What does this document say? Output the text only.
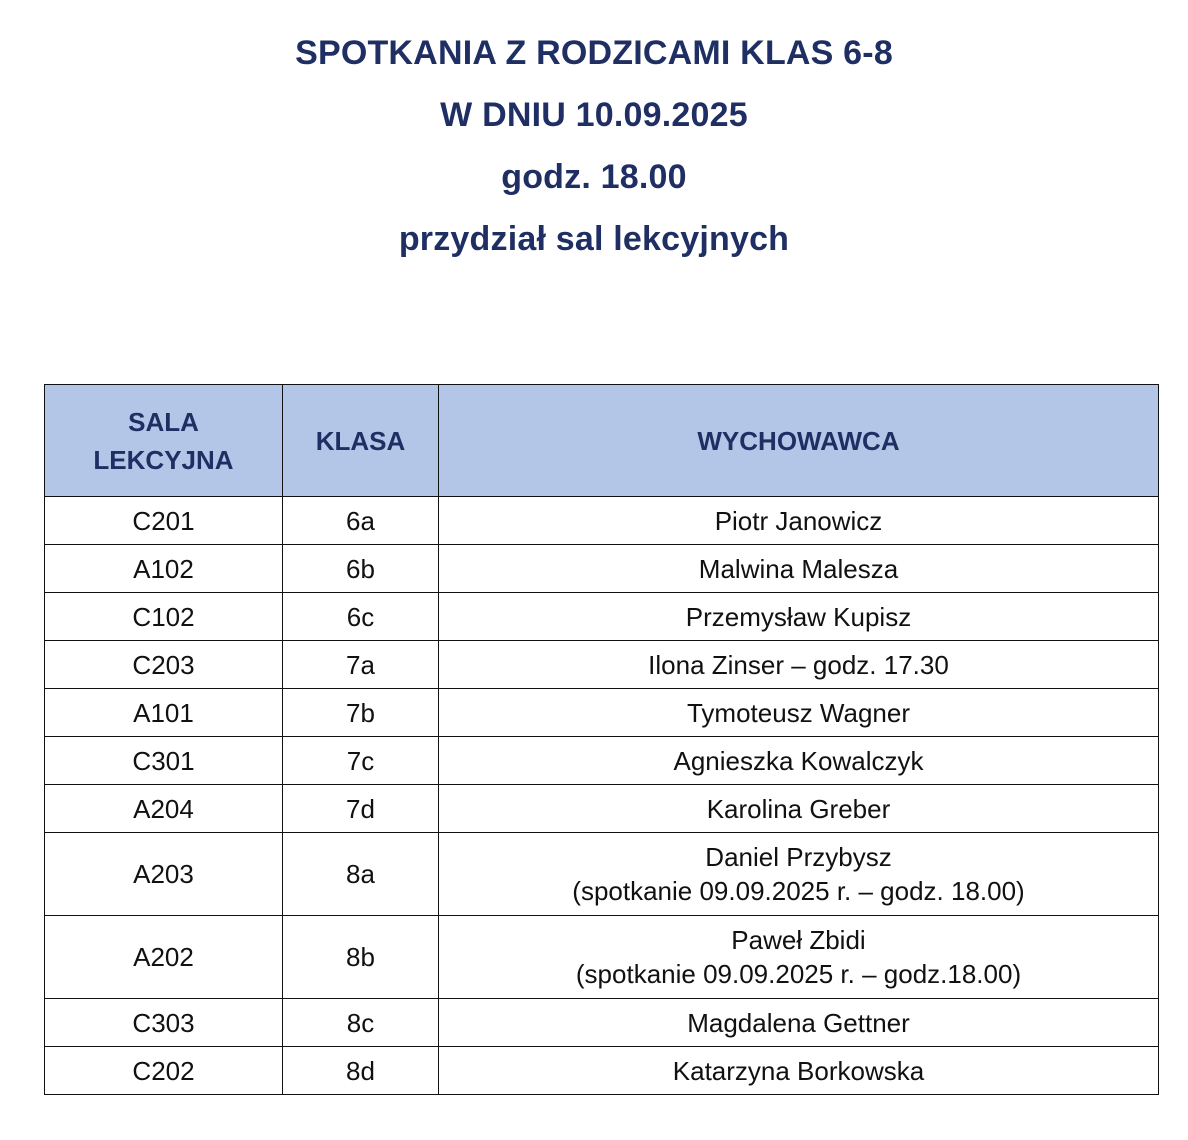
SPOTKANIA Z RODZICAMI KLAS 6-8
W DNIU 10.09.2025
godz. 18.00
przydział sal lekcyjnych
SALA
LEKCYJNA	KLASA	WYCHOWAWCA
C201	6a	Piotr Janowicz
A102	6b	Malwina Malesza
C102	6c	Przemysław Kupisz
C203	7a	Ilona Zinser – godz. 17.30
A101	7b	Tymoteusz Wagner
C301	7c	Agnieszka Kowalczyk
A204	7d	Karolina Greber
A203	8a	Daniel Przybysz
(spotkanie 09.09.2025 r. – godz. 18.00)

A202	8b	Paweł Zbidi
(spotkanie 09.09.2025 r. – godz.18.00)

C303	8c	Magdalena Gettner
C202	8d	Katarzyna Borkowska
